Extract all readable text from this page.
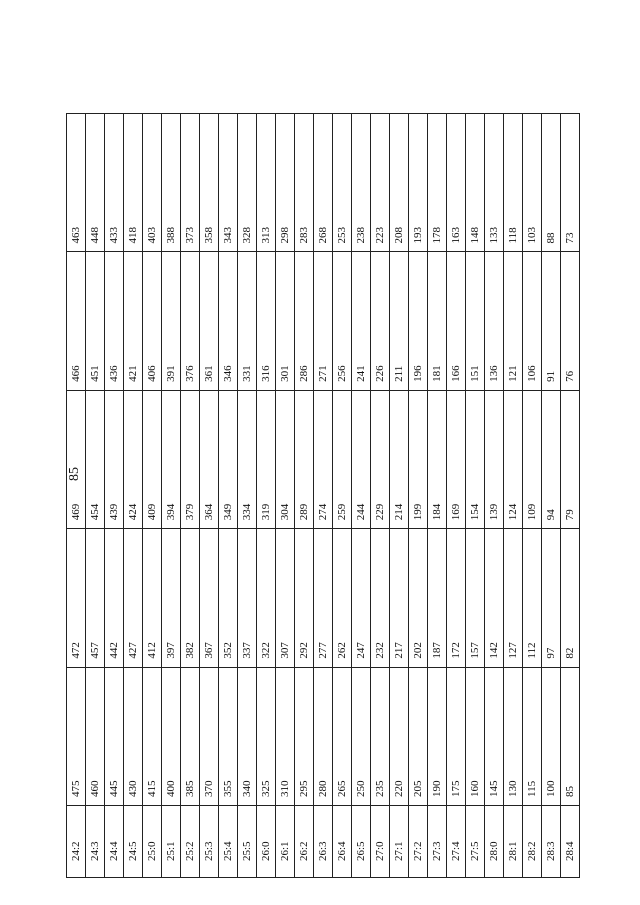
85
24:2	475	472	469	466	463
24:3	460	457	454	451	448
24:4	445	442	439	436	433
24:5	430	427	424	421	418
25:0	415	412	409	406	403
25:1	400	397	394	391	388
25:2	385	382	379	376	373
25:3	370	367	364	361	358
25:4	355	352	349	346	343
25:5	340	337	334	331	328
26:0	325	322	319	316	313
26:1	310	307	304	301	298
26:2	295	292	289	286	283
26:3	280	277	274	271	268
26:4	265	262	259	256	253
26:5	250	247	244	241	238
27:0	235	232	229	226	223
27:1	220	217	214	211	208
27:2	205	202	199	196	193
27:3	190	187	184	181	178
27:4	175	172	169	166	163
27:5	160	157	154	151	148
28:0	145	142	139	136	133
28:1	130	127	124	121	118
28:2	115	112	109	106	103
28:3	100	97	94	91	88
28:4	85	82	79	76	73
